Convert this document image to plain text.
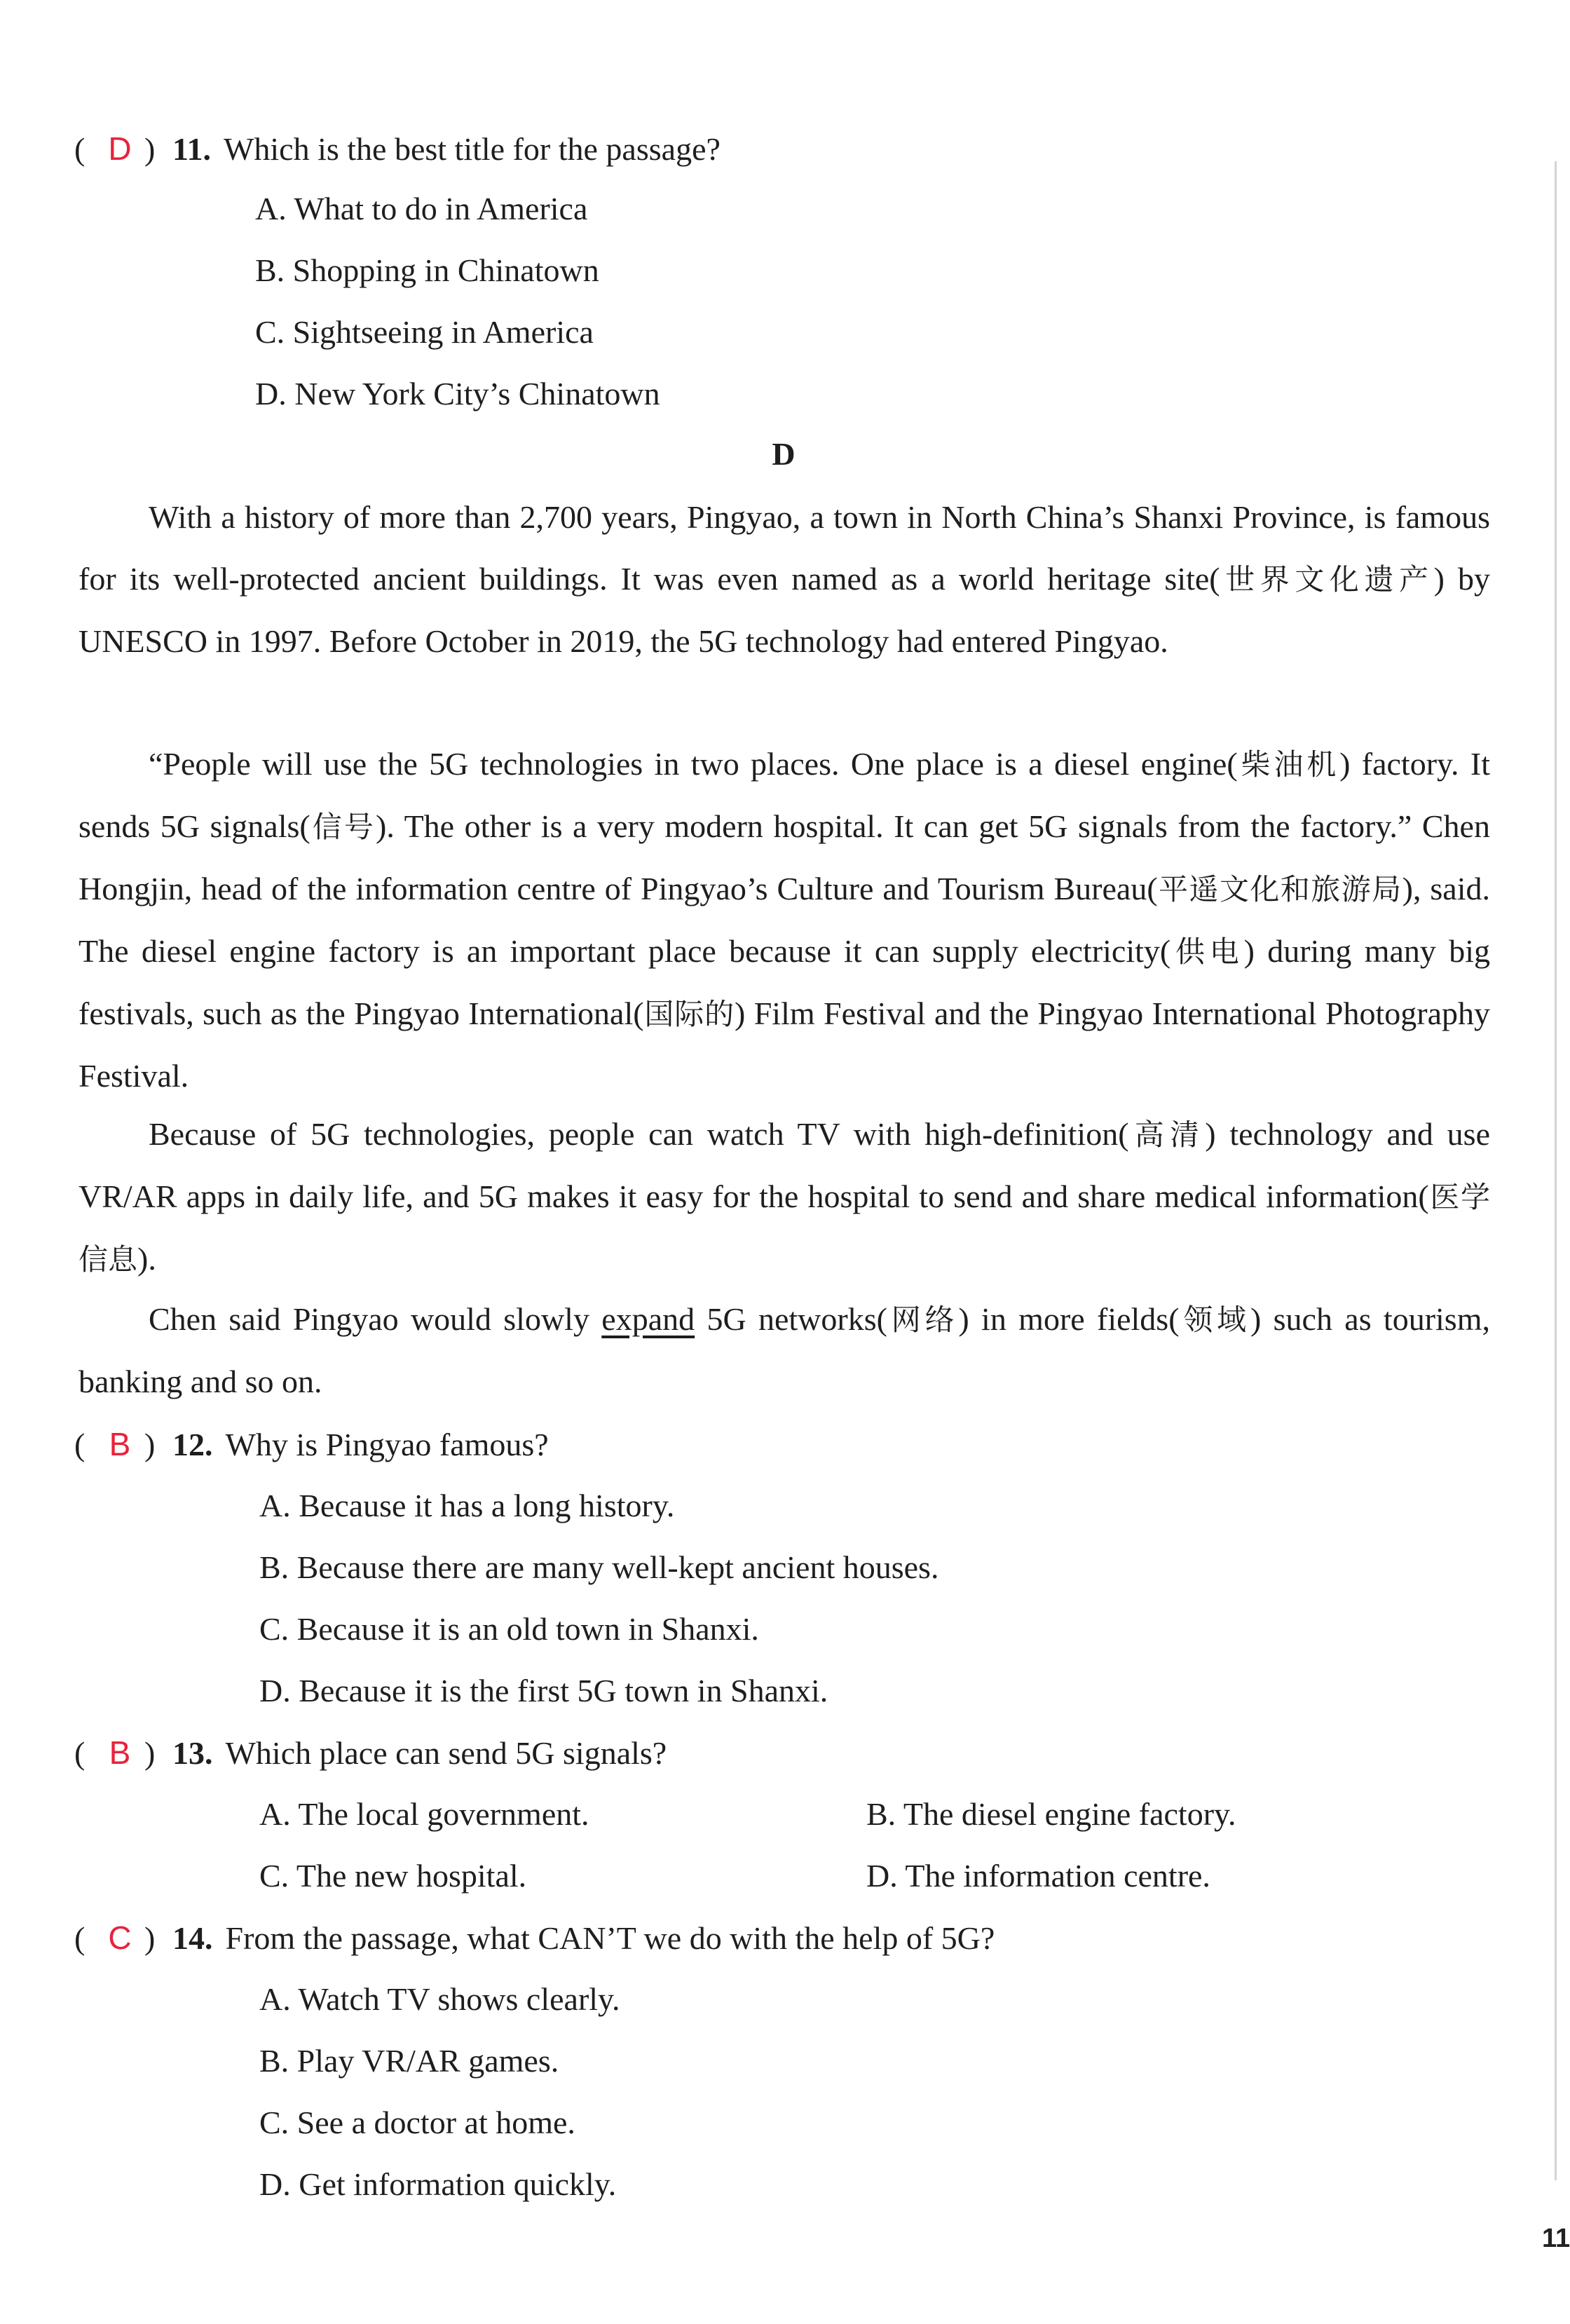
( D ) 11. Which is the best title for the passage?
A. What to do in America
B. Shopping in Chinatown
C. Sightseeing in America
D. New York City’s Chinatown
D

With a history of more than 2,700 years, Pingyao, a town in North China’s Shanxi Province, is famous for its well-protected ancient buildings. It was even named as a world heritage site(世界文化遗产) by UNESCO in 1997. Before October in 2019, the 5G technology had entered Pingyao.

“People will use the 5G technologies in two places. One place is a diesel engine(柴油机) factory. It sends 5G signals(信号). The other is a very modern hospital. It can get 5G signals from the factory.” Chen Hongjin, head of the information centre of Pingyao’s Culture and Tourism Bureau(平遥文化和旅游局), said. The diesel engine factory is an important place because it can supply electricity(供电) during many big festivals, such as the Pingyao International(国际的) Film Festival and the Pingyao International Photography Festival.

Because of 5G technologies, people can watch TV with high-definition(高清) technology and use VR/AR apps in daily life, and 5G makes it easy for the hospital to send and share medical information(医学信息).

Chen said Pingyao would slowly expand 5G networks(网络) in more fields(领域) such as tourism, banking and so on.

( B ) 12. Why is Pingyao famous?
A. Because it has a long history.
B. Because there are many well-kept ancient houses.
C. Because it is an old town in Shanxi.
D. Because it is the first 5G town in Shanxi.
( B ) 13. Which place can send 5G signals?
A. The local government.	B. The diesel engine factory.
C. The new hospital.	D. The information centre.
( C ) 14. From the passage, what CAN’T we do with the help of 5G?
A. Watch TV shows clearly.
B. Play VR/AR games.
C. See a doctor at home.
D. Get information quickly.
11
